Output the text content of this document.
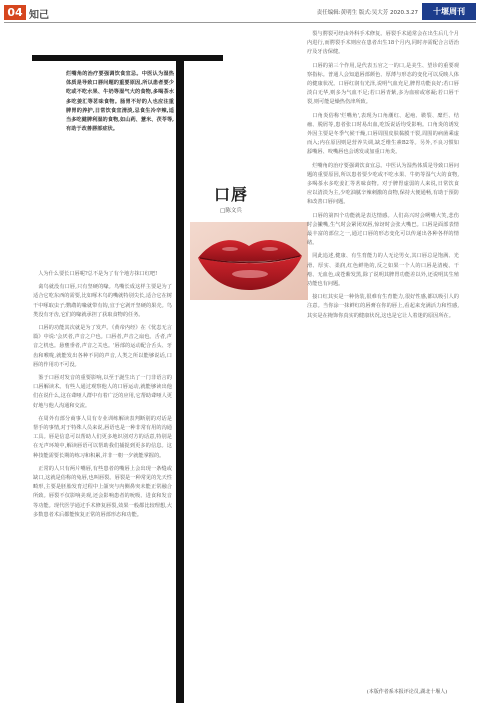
04 知己	责任编辑:黄明生 版式:吴大芳 2020.3.27	十堰周刊
烂嘴角的治疗要强调饮食宜忌。中医认为湿热体质是导致口唇问题的重要原因,所以患者要少吃或不吃水果、牛奶等湿气大的食物,多喝茶水多吃姜汇等茗味食物。肠胃不好的人也应注重脾胃的养护,日常饮食宜清淡,忌食生冷辛辣,适当多吃健脾利湿的食物,如山药、薏米、茯苓等,有助于改善唇部症状。

人为什么要长口唇呢?总不是为了有个地方抹口红吧!

禽鸟就没有口唇,只有坚硬的喙。鸟嘴长成这样主要是为了适合它吃东西的需要,比如啄木鸟的嘴就特别尖长,适合它在树干中啄取虫子;鹦鹉的喙就带有钩,宜于它剥开坚硬的果壳。鸟类没有牙齿,它们的喙就承担了获取食物的任务。

口唇的功能其次就是为了发声。《黄帝内经》在《忧恚无言篇》中说:'会厌者,声音之户也。口唇者,声音之扇也。舌者,声音之机也。悬壅垂者,声音之关也。'唇部的运动配合舌头、牙齿和喉咙,就能发出各种不同的声音,人类之所以能够说话,口唇的作用功不可没。

鉴于口唇对发音的重要影响,以至于誕生出了一门非语言的口唇解读术。有些人通过观察他人的口唇运动,就能够读出他们在说什么,这在聋哑人群中有着广泛的应用,它帮助聋哑人更好地与他人沟通和交流。

在周外有部分商事人员有专业训练解读表判断别的对话是帮手的事情,对于特殊人员来说,唇语也是一种非常有用的沟通工具。唇是信息可以帮助人们更多地识别对方的话意,特别是在无声环境中,解读唇语可以帮助我们捕捉到更多的信息。这种技能需要长期的练习和积累,并非一朝一夕就能掌握的。

正常的人只有两片嘴唇,有些患者的嘴唇上会出现一条缝或缺口,这就是俗称的兔唇,也叫唇裂。唇裂是一种常见的先天性畸形,主要是胚胎发育过程中上颌突与内侧鼻突未能正常融合所致。唇裂不仅影响美观,还会影响患者的吮吸、进食和发音等功能。现代医学通过手术修复唇裂,效果一般都比较理想,大多数患者术后都能恢复正常的唇部形态和功能。

口唇
□陈文兵

裂与腭裂可经由外科手术修复。唇裂手术通常会在出生后几个月内进行,而腭裂手术则应在患者出生18个月内,同时亦需配合言语治疗及牙齿保健。

口唇的第三个作用,是代表五官之一的口,是美生、望诊的重要观察指标。普通人会知道唇部颜色、厚薄与形态的变化可以反映人体的健康状况。口唇红润有光泽,说明气血充足,脾胃功能良好;若口唇淡白无华,则多为气血不足;若口唇青紫,多为血瘀或寒凝;若口唇干裂,则可能是燥热伤津所致。

口角炎俗称'烂嘴角',表现为口角潮红、起疱、皲裂、糜烂、结痂、脱屑等,患者张口时易出血,吃饭说话均受影响。口角炎的诱发外因主要是冬季气候干燥,口唇周围皮肤黏膜干裂,周围的病菌乘虚而入;内在原因则是营养失调,缺乏维生素B2等。另外,不良习惯如舔嘴唇、咬嘴唇也会诱发或加重口角炎。

烂嘴角的治疗要强调饮食宜忌。中医认为湿热体质是导致口唇问题的重要原因,所以患者要少吃或不吃水果、牛奶等湿气大的食物,多喝茶水多吃姜汇等茗味食物。对于脾胃虚弱的人来说,日常饮食应以清淡为主,少吃油腻辛辣刺激的食物,保持大便通畅,有助于预防和改善口唇问题。

口唇的第四个功能就是表达情感。人们高兴时会咧嘴大笑,悲伤时会撇嘴,生气时会紧闭双唇,惊讶时会张大嘴巴。口唇是面部表情最丰富的部位之一,通过口唇的形态变化可以传递出各种各样的情绪。

同此追述,健康、有生育能力的人无论男女,其口唇总是饱满、光滑、厚实、柔润,红色鲜艳的,反之如果一个人的口唇是清瘦、干瘪、无血色,或苍紫发黑,除了说明其脾胃功能差以外,还说明其生殖功能也有问题。

接口红其实是一种伪装,很难有生育能力,很好性感,都以吸引人的注意。当你涂一抹鲜红的唇膏在你的唇上,看起来充满活力和性感,其实是在掩饰你真实的健康状况,这也是它让人着迷的原因所在。

(本版作者系本报评论员,湖北十堰人)
